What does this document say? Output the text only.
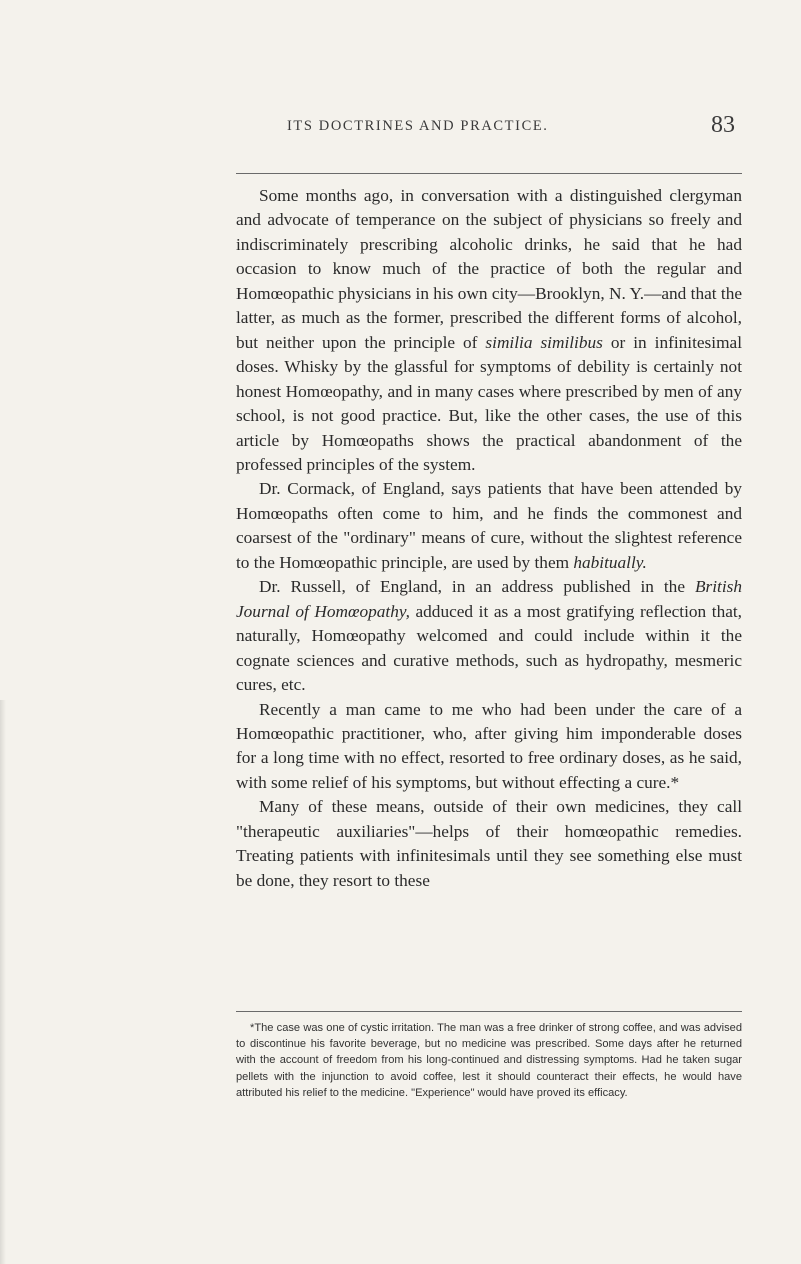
ITS DOCTRINES AND PRACTICE.	83

Some months ago, in conversation with a distinguished clergyman and advocate of temperance on the subject of physicians so freely and indiscriminately prescribing alcoholic drinks, he said that he had occasion to know much of the practice of both the regular and Homœopathic physicians in his own city—Brooklyn, N. Y.—and that the latter, as much as the former, prescribed the different forms of alcohol, but neither upon the principle of similia similibus or in infinitesimal doses. Whisky by the glassful for symptoms of debility is certainly not honest Homœopathy, and in many cases where prescribed by men of any school, is not good practice. But, like the other cases, the use of this article by Homœopaths shows the practical abandonment of the professed principles of the system.

Dr. Cormack, of England, says patients that have been attended by Homœopaths often come to him, and he finds the commonest and coarsest of the "ordinary" means of cure, without the slightest reference to the Homœopathic principle, are used by them habitually.

Dr. Russell, of England, in an address published in the British Journal of Homœopathy, adduced it as a most gratifying reflection that, naturally, Homœopathy welcomed and could include within it the cognate sciences and curative methods, such as hydropathy, mesmeric cures, etc.

Recently a man came to me who had been under the care of a Homœopathic practitioner, who, after giving him imponderable doses for a long time with no effect, resorted to free ordinary doses, as he said, with some relief of his symptoms, but without effecting a cure.*

Many of these means, outside of their own medicines, they call "therapeutic auxiliaries"—helps of their homœopathic remedies. Treating patients with infinitesimals until they see something else must be done, they resort to these

*The case was one of cystic irritation. The man was a free drinker of strong coffee, and was advised to discontinue his favorite beverage, but no medicine was prescribed. Some days after he returned with the account of freedom from his long-continued and distressing symptoms. Had he taken sugar pellets with the injunction to avoid coffee, lest it should counteract their effects, he would have attributed his relief to the medicine. "Experience" would have proved its efficacy.
